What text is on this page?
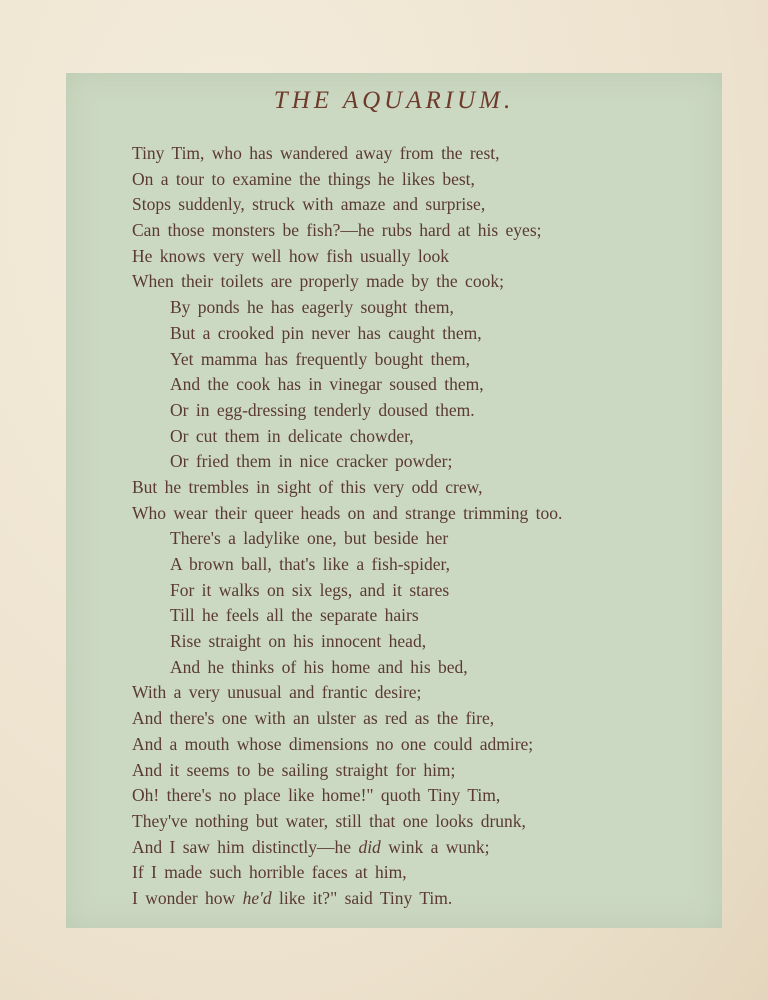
THE AQUARIUM.
Tiny Tim, who has wandered away from the rest,
On a tour to examine the things he likes best,
Stops suddenly, struck with amaze and surprise,
Can those monsters be fish?—he rubs hard at his eyes;
He knows very well how fish usually look
When their toilets are properly made by the cook;
By ponds he has eagerly sought them,
But a crooked pin never has caught them,
Yet mamma has frequently bought them,
And the cook has in vinegar soused them,
Or in egg-dressing tenderly doused them.
Or cut them in delicate chowder,
Or fried them in nice cracker powder;
But he trembles in sight of this very odd crew,
Who wear their queer heads on and strange trimming too.
There's a ladylike one, but beside her
A brown ball, that's like a fish-spider,
For it walks on six legs, and it stares
Till he feels all the separate hairs
Rise straight on his innocent head,
And he thinks of his home and his bed,
With a very unusual and frantic desire;
And there's one with an ulster as red as the fire,
And a mouth whose dimensions no one could admire;
And it seems to be sailing straight for him;
Oh! there's no place like home!" quoth Tiny Tim,
They've nothing but water, still that one looks drunk,
And I saw him distinctly—he did wink a wunk;
If I made such horrible faces at him,
I wonder how he'd like it?" said Tiny Tim.
